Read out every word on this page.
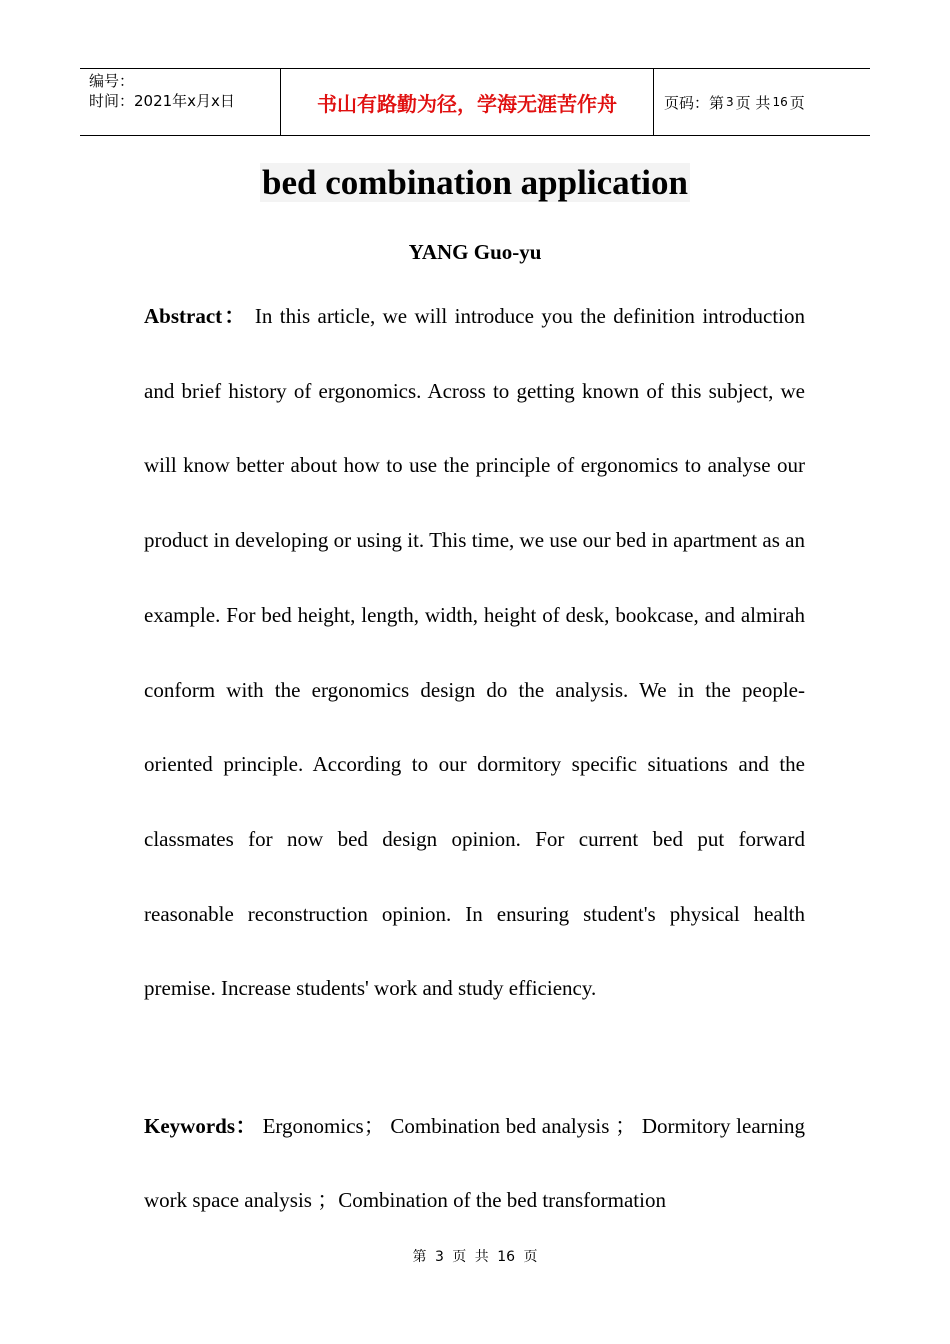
编号：
时间：2021年x月x日	书山有路勤为径，学海无涯苦作舟	页码：第 3 页 共 16 页
bed combination application
YANG Guo-yu
Abstract： In this article, we will introduce you the definition introduction and brief history of ergonomics. Across to getting known of this subject, we will know better about how to use the principle of ergonomics to analyse our product in developing or using it. This time, we use our bed in apartment as an example. For bed height, length, width, height of desk, bookcase, and almirah conform with the ergonomics design do the analysis. We in the people-oriented principle. According to our dormitory specific situations and the classmates for now bed design opinion. For current bed put forward reasonable reconstruction opinion. In ensuring student's physical health premise. Increase students' work and study efficiency.
Keywords： Ergonomics； Combination bed analysis ； Dormitory learning work space analysis ；Combination of the bed transformation
第 3 页 共 16 页
